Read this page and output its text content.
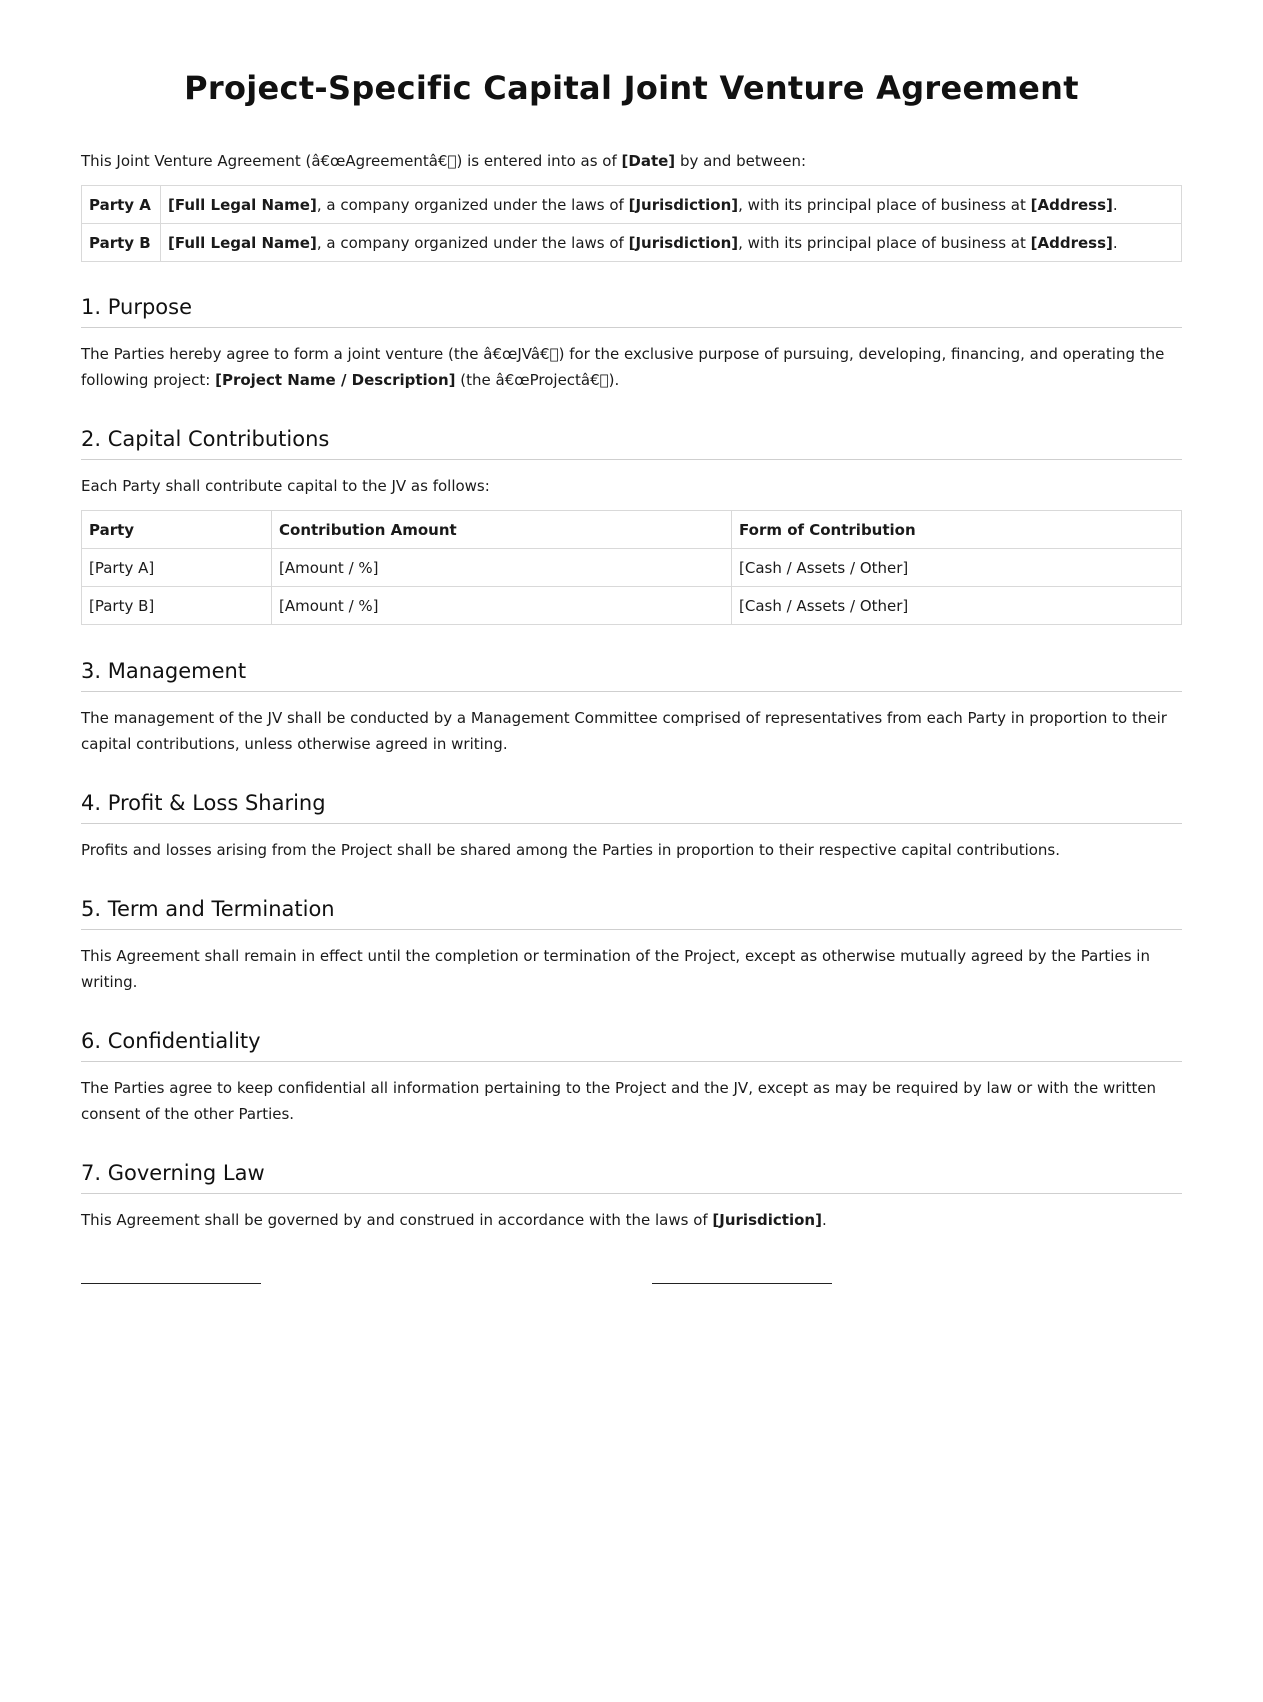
Project-Specific Capital Joint Venture Agreement

This Joint Venture Agreement (â€œAgreementâ€ ) is entered into as of [Date] by and between:

Party A	[Full Legal Name], a company organized under the laws of [Jurisdiction], with its principal place of business at [Address].
Party B	[Full Legal Name], a company organized under the laws of [Jurisdiction], with its principal place of business at [Address].
1. Purpose

The Parties hereby agree to form a joint venture (the â€œJVâ€ ) for the exclusive purpose of pursuing, developing, financing, and operating the following project: [Project Name / Description] (the â€œProjectâ€ ).

2. Capital Contributions

Each Party shall contribute capital to the JV as follows:

Party	Contribution Amount	Form of Contribution
[Party A]	[Amount / %]	[Cash / Assets / Other]
[Party B]	[Amount / %]	[Cash / Assets / Other]
3. Management

The management of the JV shall be conducted by a Management Committee comprised of representatives from each Party in proportion to their capital contributions, unless otherwise agreed in writing.

4. Profit & Loss Sharing

Profits and losses arising from the Project shall be shared among the Parties in proportion to their respective capital contributions.

5. Term and Termination

This Agreement shall remain in effect until the completion or termination of the Project, except as otherwise mutually agreed by the Parties in writing.

6. Confidentiality

The Parties agree to keep confidential all information pertaining to the Project and the JV, except as may be required by law or with the written consent of the other Parties.

7. Governing Law

This Agreement shall be governed by and construed in accordance with the laws of [Jurisdiction].
